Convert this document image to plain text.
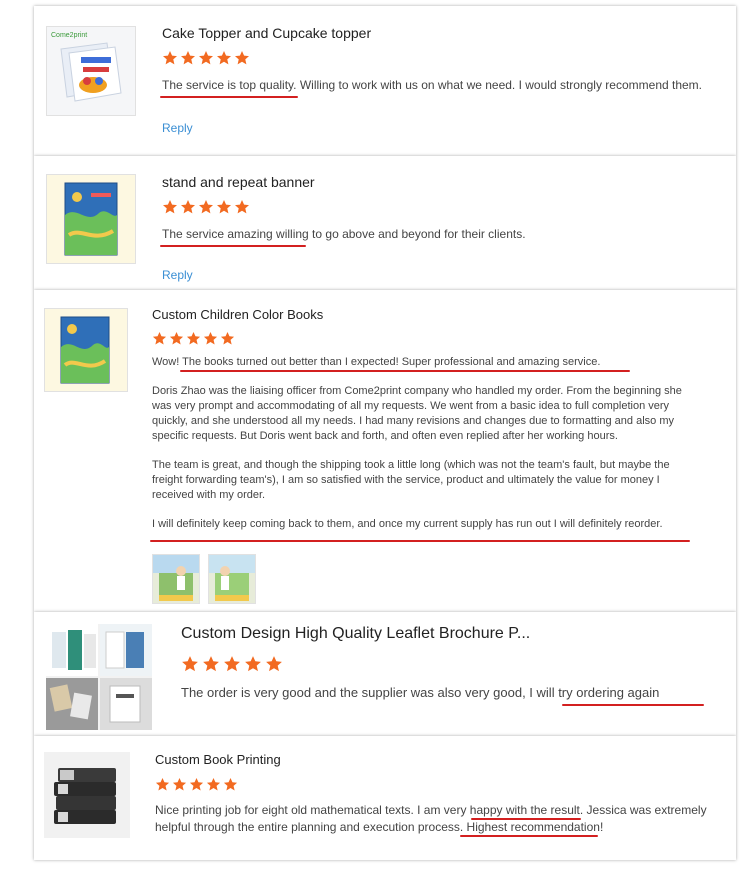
Come2print	Cake Topper and Cupcake topper
The service is top quality. Willing to work with us on what we need. I would strongly recommend them.
Reply
stand and repeat banner
The service amazing willing to go above and beyond for their clients.
Reply
Custom Children Color Books

Wow! The books turned out better than I expected! Super professional and amazing service.

Doris Zhao was the liaising officer from Come2print company who handled my order. From the beginning she was very prompt and accommodating of all my requests. We went from a basic idea to full completion very quickly, and she understood all my needs. I had many revisions and changes due to formatting and also my specific requests. But Doris went back and forth, and often even replied after her working hours.

The team is great, and though the shipping took a little long (which was not the team's fault, but maybe the freight forwarding team's), I am so satisfied with the service, product and ultimately the value for money I received with my order.

I will definitely keep coming back to them, and once my current supply has run out I will definitely reorder.

Custom Design High Quality Leaflet Brochure P...
The order is very good and the supplier was also very good, I will try ordering again
Custom Book Printing
Nice printing job for eight old mathematical texts. I am very happy with the result. Jessica was extremely helpful through the entire planning and execution process. Highest recommendation!
